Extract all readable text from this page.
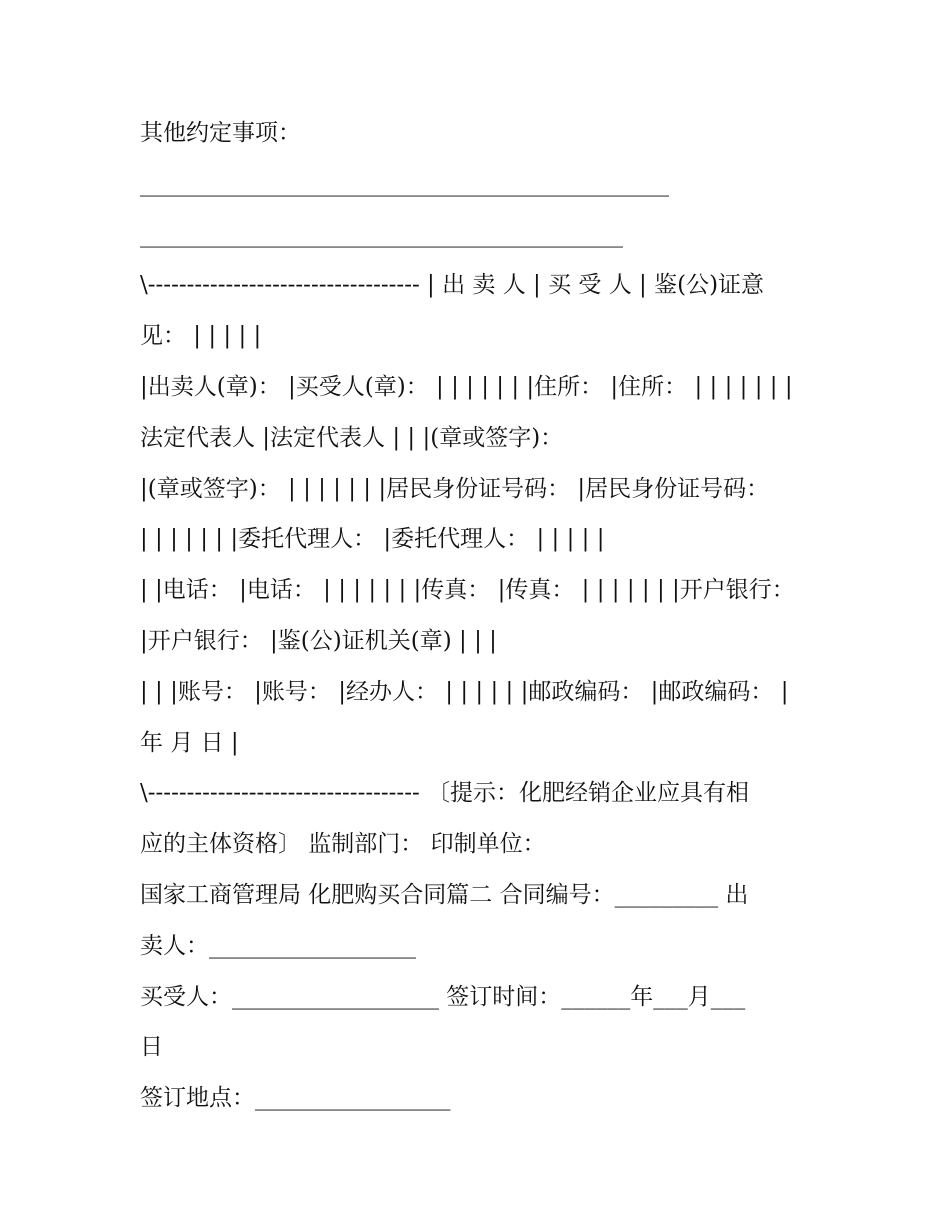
其他约定事项：
______________________________________________
__________________________________________
\----------------------------------- | 出 卖 人 | 买 受 人 | 鉴(公)证意
见： | | | | |
|出卖人(章)： |买受人(章)： | | | | | | |住所： |住所： | | | | | | |
法定代表人 |法定代表人 | | |(章或签字)：
|(章或签字)： | | | | | | |居民身份证号码： |居民身份证号码：
| | | | | | |委托代理人： |委托代理人： | | | | |
| |电话： |电话： | | | | | | |传真： |传真： | | | | | | |开户银行：
|开户银行： |鉴(公)证机关(章) | | |
| | |账号： |账号： |经办人： | | | | | |邮政编码： |邮政编码： |
年 月 日 |
\----------------------------------- 〔提示：化肥经销企业应具有相
应的主体资格〕 监制部门： 印制单位：
国家工商管理局 化肥购买合同篇二 合同编号：_________ 出
卖人：__________________
买受人：__________________ 签订时间：______年___月___
日
签订地点：_________________
